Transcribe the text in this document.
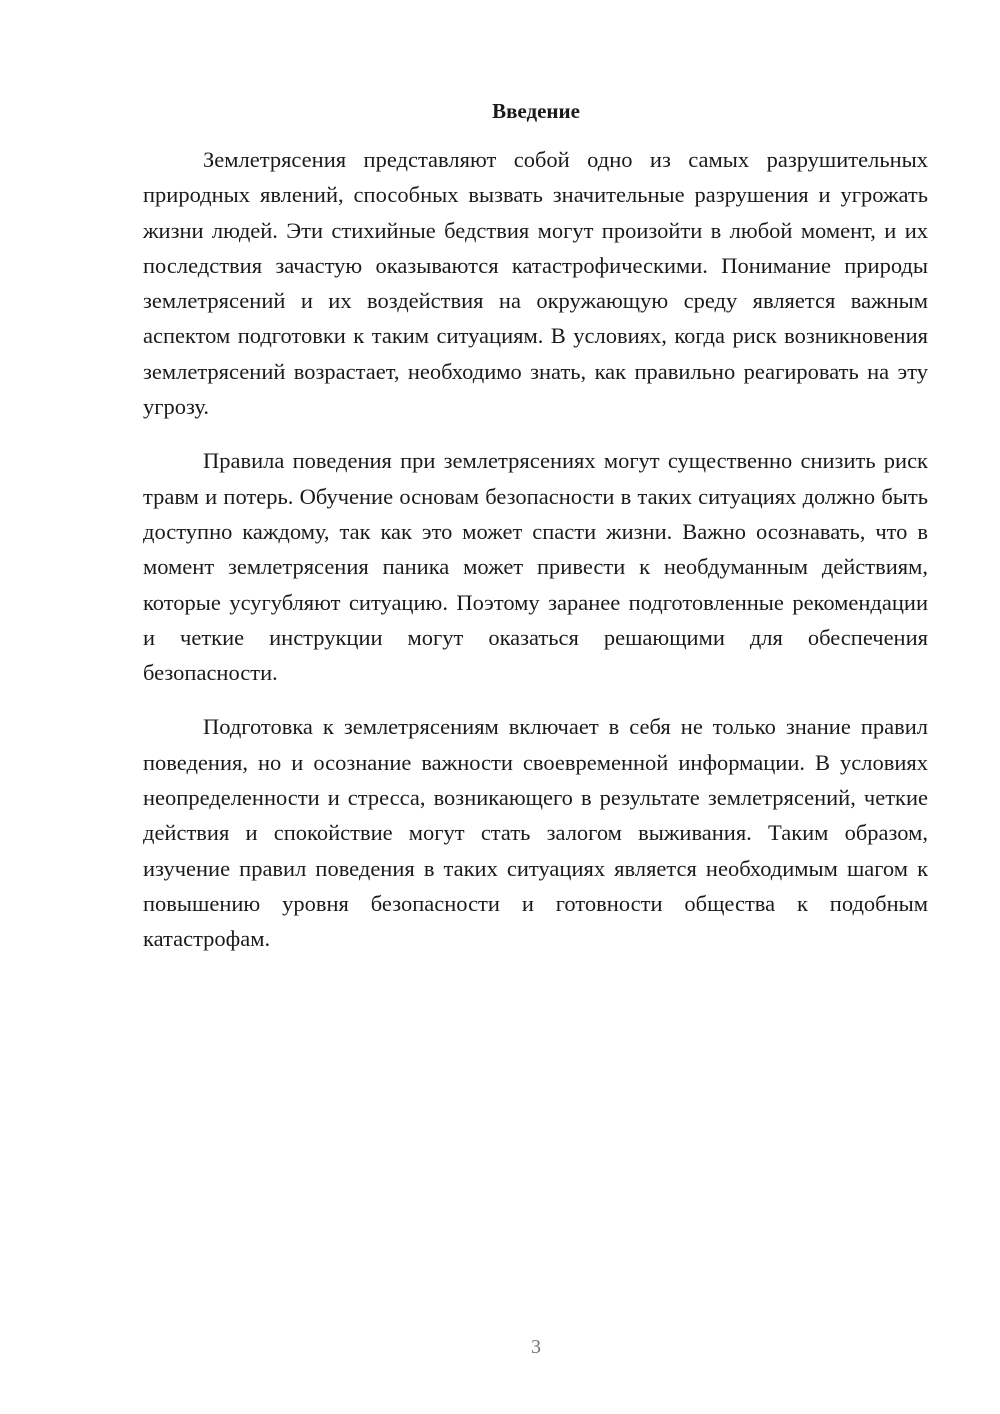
Введение

Землетрясения представляют собой одно из самых разрушительных природных явлений, способных вызвать значительные разрушения и угрожать жизни людей. Эти стихийные бедствия могут произойти в любой момент, и их последствия зачастую оказываются катастрофическими. Понимание природы землетрясений и их воздействия на окружающую среду является важным аспектом подготовки к таким ситуациям. В условиях, когда риск возникновения землетрясений возрастает, необходимо знать, как правильно реагировать на эту угрозу.

Правила поведения при землетрясениях могут существенно снизить риск травм и потерь. Обучение основам безопасности в таких ситуациях должно быть доступно каждому, так как это может спасти жизни. Важно осознавать, что в момент землетрясения паника может привести к необдуманным действиям, которые усугубляют ситуацию. Поэтому заранее подготовленные рекомендации и четкие инструкции могут оказаться решающими для обеспечения безопасности.

Подготовка к землетрясениям включает в себя не только знание правил поведения, но и осознание важности своевременной информации. В условиях неопределенности и стресса, возникающего в результате землетрясений, четкие действия и спокойствие могут стать залогом выживания. Таким образом, изучение правил поведения в таких ситуациях является необходимым шагом к повышению уровня безопасности и готовности общества к подобным катастрофам.

3
